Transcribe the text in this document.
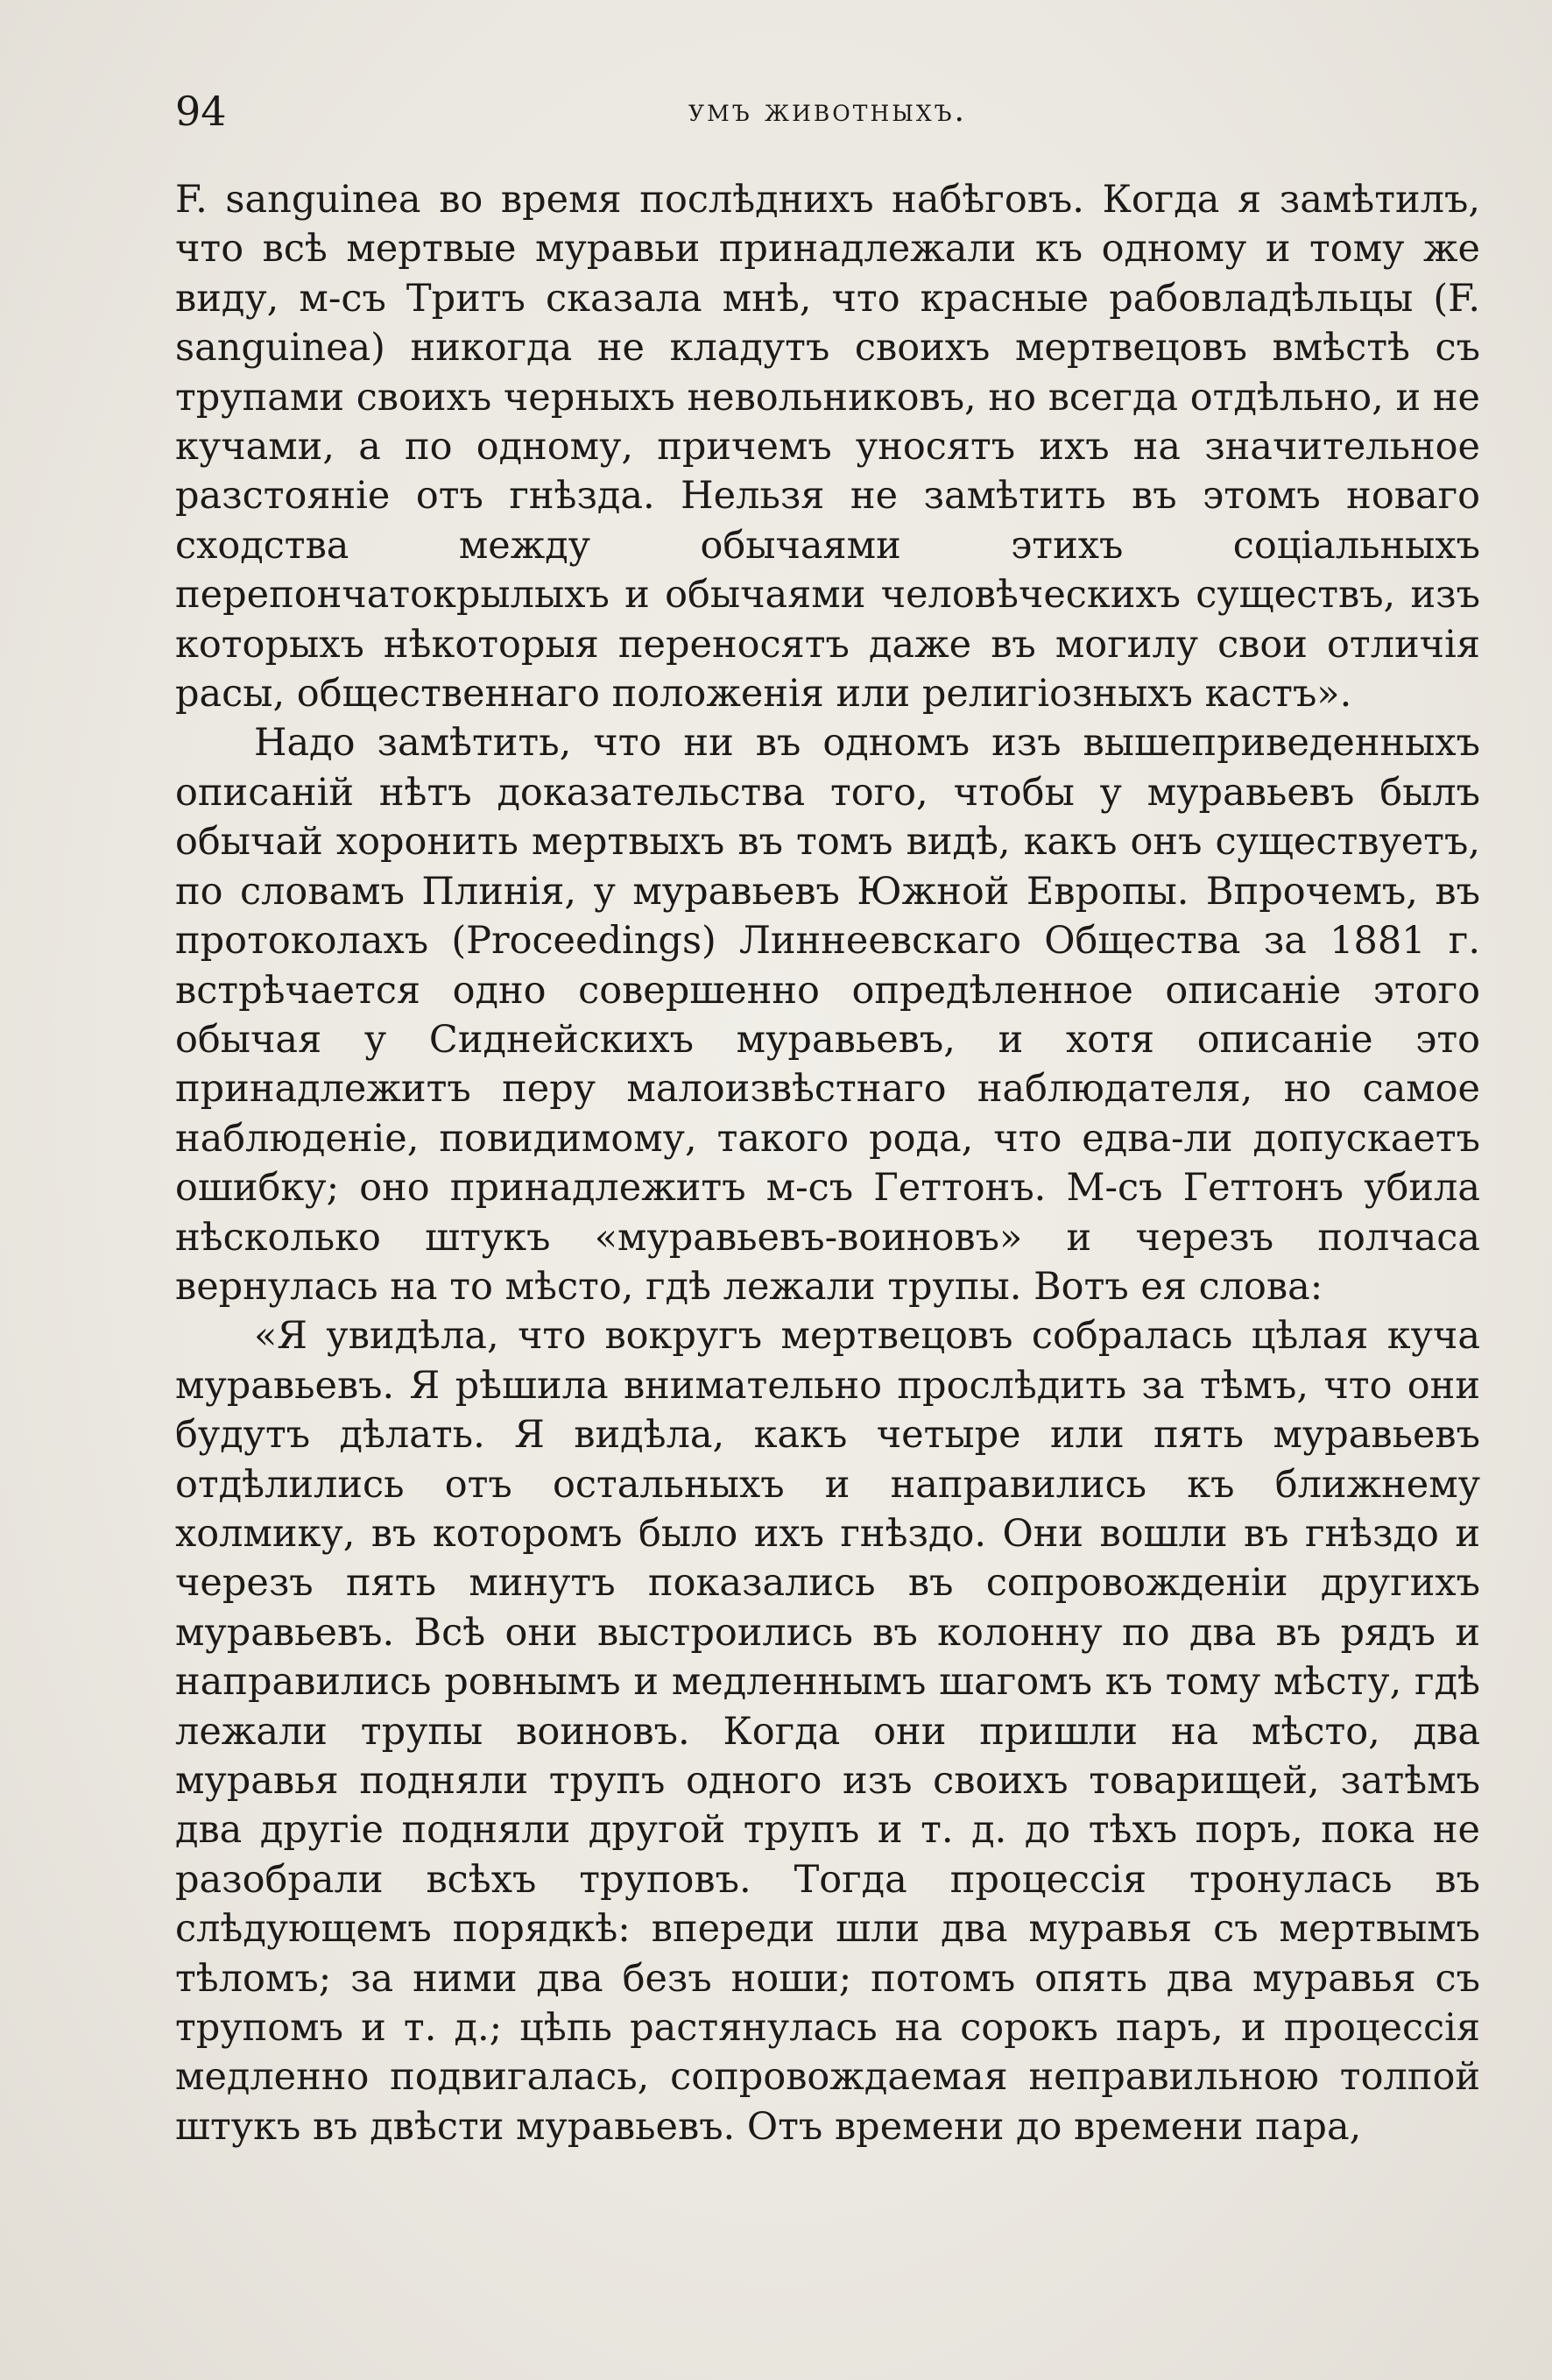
94	умъ животныхъ.

F. sanguinea во время послѣднихъ набѣговъ. Когда я замѣтилъ, что всѣ мертвые муравьи принадлежали къ одному и тому же виду, м-съ Тритъ сказала мнѣ, что красные рабовладѣльцы (F. sanguinea) никогда не кладутъ своихъ мертвецовъ вмѣстѣ съ трупами своихъ черныхъ невольниковъ, но всегда отдѣльно, и не кучами, а по одному, причемъ уносятъ ихъ на значительное разстояніе отъ гнѣзда. Нельзя не замѣтить въ этомъ новаго сходства между обычаями этихъ соціальныхъ перепончатокрылыхъ и обычаями человѣческихъ существъ, изъ которыхъ нѣкоторыя переносятъ даже въ могилу свои отличія расы, общественнаго положенія или религіозныхъ кастъ».

Надо замѣтить, что ни въ одномъ изъ вышеприведенныхъ описаній нѣтъ доказательства того, чтобы у муравьевъ былъ обычай хоронить мертвыхъ въ томъ видѣ, какъ онъ существуетъ, по словамъ Плинія, у муравьевъ Южной Европы. Впрочемъ, въ протоколахъ (Proceedings) Линнеевскаго Общества за 1881 г. встрѣчается одно совершенно опредѣленное описаніе этого обычая у Сиднейскихъ муравьевъ, и хотя описаніе это принадлежитъ перу малоизвѣстнаго наблюдателя, но самое наблюденіе, повидимому, такого рода, что едва-ли допускаетъ ошибку; оно принадлежитъ м-съ Геттонъ. М-съ Геттонъ убила нѣсколько штукъ «муравьевъ-воиновъ» и черезъ полчаса вернулась на то мѣсто, гдѣ лежали трупы. Вотъ ея слова:

«Я увидѣла, что вокругъ мертвецовъ собралась цѣлая куча муравьевъ. Я рѣшила внимательно прослѣдить за тѣмъ, что они будутъ дѣлать. Я видѣла, какъ четыре или пять муравьевъ отдѣлились отъ остальныхъ и направились къ ближнему холмику, въ которомъ было ихъ гнѣздо. Они вошли въ гнѣздо и черезъ пять минутъ показались въ сопровожденіи другихъ муравьевъ. Всѣ они выстроились въ колонну по два въ рядъ и направились ровнымъ и медленнымъ шагомъ къ тому мѣсту, гдѣ лежали трупы воиновъ. Когда они пришли на мѣсто, два муравья подняли трупъ одного изъ своихъ товарищей, затѣмъ два другіе подняли другой трупъ и т. д. до тѣхъ поръ, пока не разобрали всѣхъ труповъ. Тогда процессія тронулась въ слѣдующемъ порядкѣ: впереди шли два муравья съ мертвымъ тѣломъ; за ними два безъ ноши; потомъ опять два муравья съ трупомъ и т. д.; цѣпь растянулась на сорокъ паръ, и процессія медленно подвигалась, сопровождаемая неправильною толпой штукъ въ двѣсти муравьевъ. Отъ времени до времени пара,
